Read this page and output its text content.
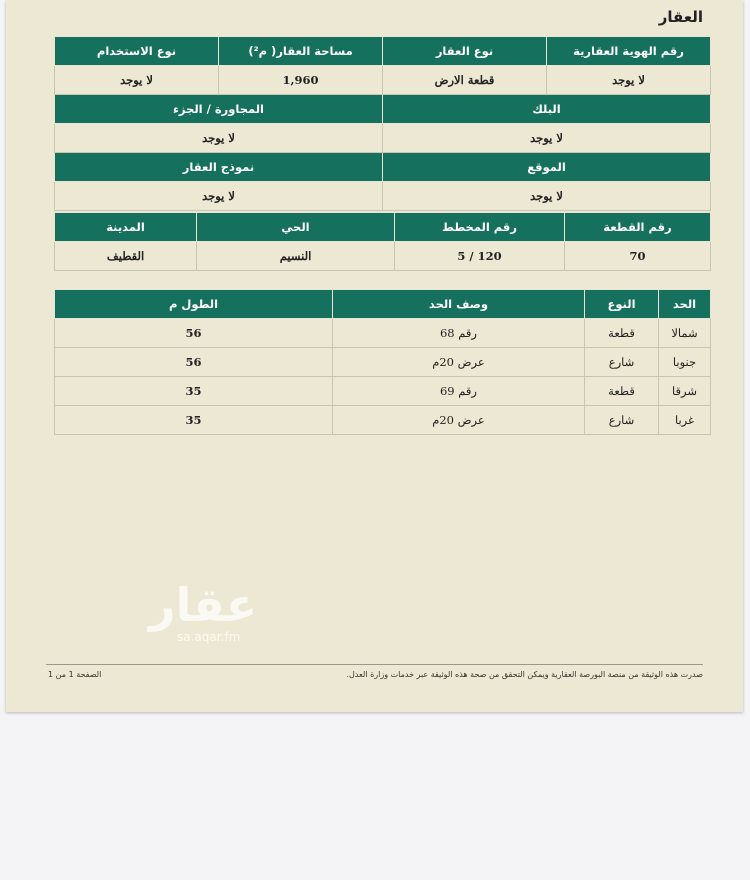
العقار
رقم الهوية العقارية	نوع العقار	مساحة العقار( م²)	نوع الاستخدام
لا يوجد	قطعة الارض	1,960	لا يوجد
البلك		المجاورة / الجزء	
لا يوجد		لا يوجد	
الموقع		نموذج العقار	
لا يوجد		لا يوجد	
رقم القطعة	رقم المخطط	الحي	المدينة
70	5 / 120	النسيم	القطيف
الحد	النوع	وصف الحد	الطول م
شمالا	قطعة	رقم 68	56
جنوبا	شارع	عرض 20م	56
شرقا	قطعة	رقم 69	35
غربا	شارع	عرض 20م	35
عقار
sa.aqar.fm
صدرت هذه الوثيقة من منصة البورصة العقارية ويمكن التحقق من صحة هذه الوثيقة عبر خدمات وزارة العدل.
الصفحة 1 من 1
